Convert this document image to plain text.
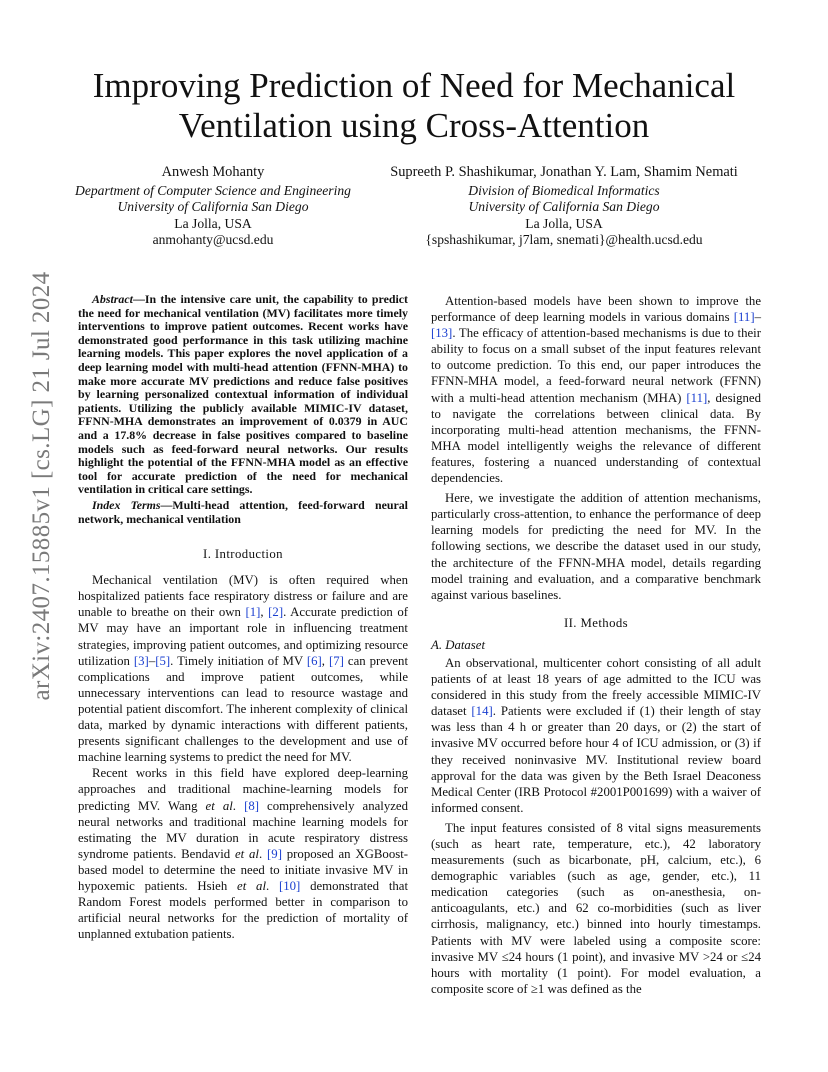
arXiv:2407.15885v1 [cs.LG] 21 Jul 2024
Improving Prediction of Need for Mechanical
Ventilation using Cross-Attention
Anwesh Mohanty
Department of Computer Science and Engineering
University of California San Diego
La Jolla, USA
anmohanty@ucsd.edu
Supreeth P. Shashikumar, Jonathan Y. Lam, Shamim Nemati
Division of Biomedical Informatics
University of California San Diego
La Jolla, USA
{spshashikumar, j7lam, snemati}@health.ucsd.edu

Abstract—In the intensive care unit, the capability to predict the need for mechanical ventilation (MV) facilitates more timely interventions to improve patient outcomes. Recent works have demonstrated good performance in this task utilizing machine learning models. This paper explores the novel application of a deep learning model with multi-head attention (FFNN-MHA) to make more accurate MV predictions and reduce false positives by learning personalized contextual information of individual patients. Utilizing the publicly available MIMIC-IV dataset, FFNN-MHA demonstrates an improvement of 0.0379 in AUC and a 17.8% decrease in false positives compared to baseline models such as feed-forward neural networks. Our results highlight the potential of the FFNN-MHA model as an effective tool for accurate prediction of the need for mechanical ventilation in critical care settings.

Index Terms—Multi-head attention, feed-forward neural network, mechanical ventilation

I. Introduction

Mechanical ventilation (MV) is often required when hospitalized patients face respiratory distress or failure and are unable to breathe on their own [1], [2]. Accurate prediction of MV may have an important role in influencing treatment strategies, improving patient outcomes, and optimizing resource utilization [3]–[5]. Timely initiation of MV [6], [7] can prevent complications and improve patient outcomes, while unnecessary interventions can lead to resource wastage and potential patient discomfort. The inherent complexity of clinical data, marked by dynamic interactions with different patients, presents significant challenges to the development and use of machine learning systems to predict the need for MV.

Recent works in this field have explored deep-learning approaches and traditional machine-learning models for predicting MV. Wang et al. [8] comprehensively analyzed neural networks and traditional machine learning models for estimating the MV duration in acute respiratory distress syndrome patients. Bendavid et al. [9] proposed an XGBoost-based model to determine the need to initiate invasive MV in hypoxemic patients. Hsieh et al. [10] demonstrated that Random Forest models performed better in comparison to artificial neural networks for the prediction of mortality of unplanned extubation patients.

Attention-based models have been shown to improve the performance of deep learning models in various domains [11]–[13]. The efficacy of attention-based mechanisms is due to their ability to focus on a small subset of the input features relevant to outcome prediction. To this end, our paper introduces the FFNN-MHA model, a feed-forward neural network (FFNN) with a multi-head attention mechanism (MHA) [11], designed to navigate the correlations between clinical data. By incorporating multi-head attention mechanisms, the FFNN-MHA model intelligently weighs the relevance of different features, fostering a nuanced understanding of contextual dependencies.

Here, we investigate the addition of attention mechanisms, particularly cross-attention, to enhance the performance of deep learning models for predicting the need for MV. In the following sections, we describe the dataset used in our study, the architecture of the FFNN-MHA model, details regarding model training and evaluation, and a comparative benchmark against various baselines.

II. Methods
A. Dataset

An observational, multicenter cohort consisting of all adult patients of at least 18 years of age admitted to the ICU was considered in this study from the freely accessible MIMIC-IV dataset [14]. Patients were excluded if (1) their length of stay was less than 4 h or greater than 20 days, or (2) the start of invasive MV occurred before hour 4 of ICU admission, or (3) if they received noninvasive MV. Institutional review board approval for the data was given by the Beth Israel Deaconess Medical Center (IRB Protocol #2001P001699) with a waiver of informed consent.

The input features consisted of 8 vital signs measurements (such as heart rate, temperature, etc.), 42 laboratory measurements (such as bicarbonate, pH, calcium, etc.), 6 demographic variables (such as age, gender, etc.), 11 medication categories (such as on-anesthesia, on-anticoagulants, etc.) and 62 co-morbidities (such as liver cirrhosis, malignancy, etc.) binned into hourly timestamps. Patients with MV were labeled using a composite score: invasive MV ≤24 hours (1 point), and invasive MV >24 or ≤24 hours with mortality (1 point). For model evaluation, a composite score of ≥1 was defined as the
